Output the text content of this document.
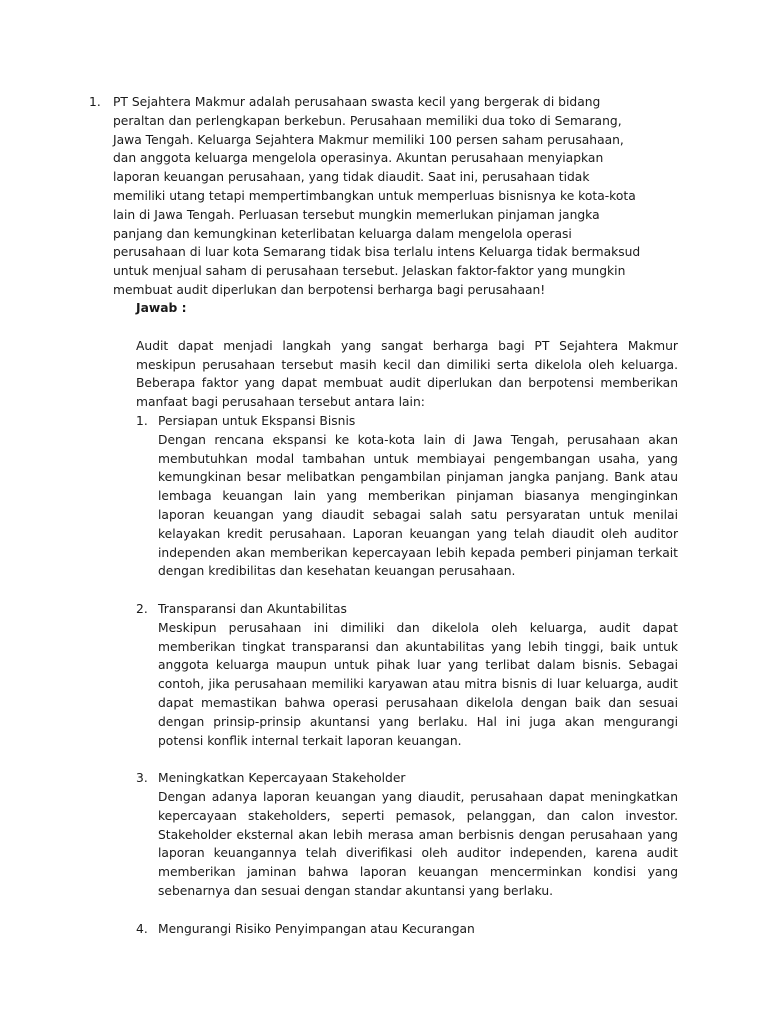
1. PT Sejahtera Makmur adalah perusahaan swasta kecil yang bergerak di bidang peraltan dan perlengkapan berkebun. Perusahaan memiliki dua toko di Semarang, Jawa Tengah. Keluarga Sejahtera Makmur memiliki 100 persen saham perusahaan, dan anggota keluarga mengelola operasinya. Akuntan perusahaan menyiapkan laporan keuangan perusahaan, yang tidak diaudit. Saat ini, perusahaan tidak memiliki utang tetapi mempertimbangkan untuk memperluas bisnisnya ke kota-kota lain di Jawa Tengah. Perluasan tersebut mungkin memerlukan pinjaman jangka panjang dan kemungkinan keterlibatan keluarga dalam mengelola operasi perusahaan di luar kota Semarang tidak bisa terlalu intens Keluarga tidak bermaksud untuk menjual saham di perusahaan tersebut. Jelaskan faktor-faktor yang mungkin membuat audit diperlukan dan berpotensi berharga bagi perusahaan!

Jawab :

Audit dapat menjadi langkah yang sangat berharga bagi PT Sejahtera Makmur meskipun perusahaan tersebut masih kecil dan dimiliki serta dikelola oleh keluarga. Beberapa faktor yang dapat membuat audit diperlukan dan berpotensi memberikan manfaat bagi perusahaan tersebut antara lain:

1. Persiapan untuk Ekspansi Bisnis

Dengan rencana ekspansi ke kota-kota lain di Jawa Tengah, perusahaan akan membutuhkan modal tambahan untuk membiayai pengembangan usaha, yang kemungkinan besar melibatkan pengambilan pinjaman jangka panjang. Bank atau lembaga keuangan lain yang memberikan pinjaman biasanya menginginkan laporan keuangan yang diaudit sebagai salah satu persyaratan untuk menilai kelayakan kredit perusahaan. Laporan keuangan yang telah diaudit oleh auditor independen akan memberikan kepercayaan lebih kepada pemberi pinjaman terkait dengan kredibilitas dan kesehatan keuangan perusahaan.

2. Transparansi dan Akuntabilitas

Meskipun perusahaan ini dimiliki dan dikelola oleh keluarga, audit dapat memberikan tingkat transparansi dan akuntabilitas yang lebih tinggi, baik untuk anggota keluarga maupun untuk pihak luar yang terlibat dalam bisnis. Sebagai contoh, jika perusahaan memiliki karyawan atau mitra bisnis di luar keluarga, audit dapat memastikan bahwa operasi perusahaan dikelola dengan baik dan sesuai dengan prinsip-prinsip akuntansi yang berlaku. Hal ini juga akan mengurangi potensi konflik internal terkait laporan keuangan.

3. Meningkatkan Kepercayaan Stakeholder

Dengan adanya laporan keuangan yang diaudit, perusahaan dapat meningkatkan kepercayaan stakeholders, seperti pemasok, pelanggan, dan calon investor. Stakeholder eksternal akan lebih merasa aman berbisnis dengan perusahaan yang laporan keuangannya telah diverifikasi oleh auditor independen, karena audit memberikan jaminan bahwa laporan keuangan mencerminkan kondisi yang sebenarnya dan sesuai dengan standar akuntansi yang berlaku.

4. Mengurangi Risiko Penyimpangan atau Kecurangan
